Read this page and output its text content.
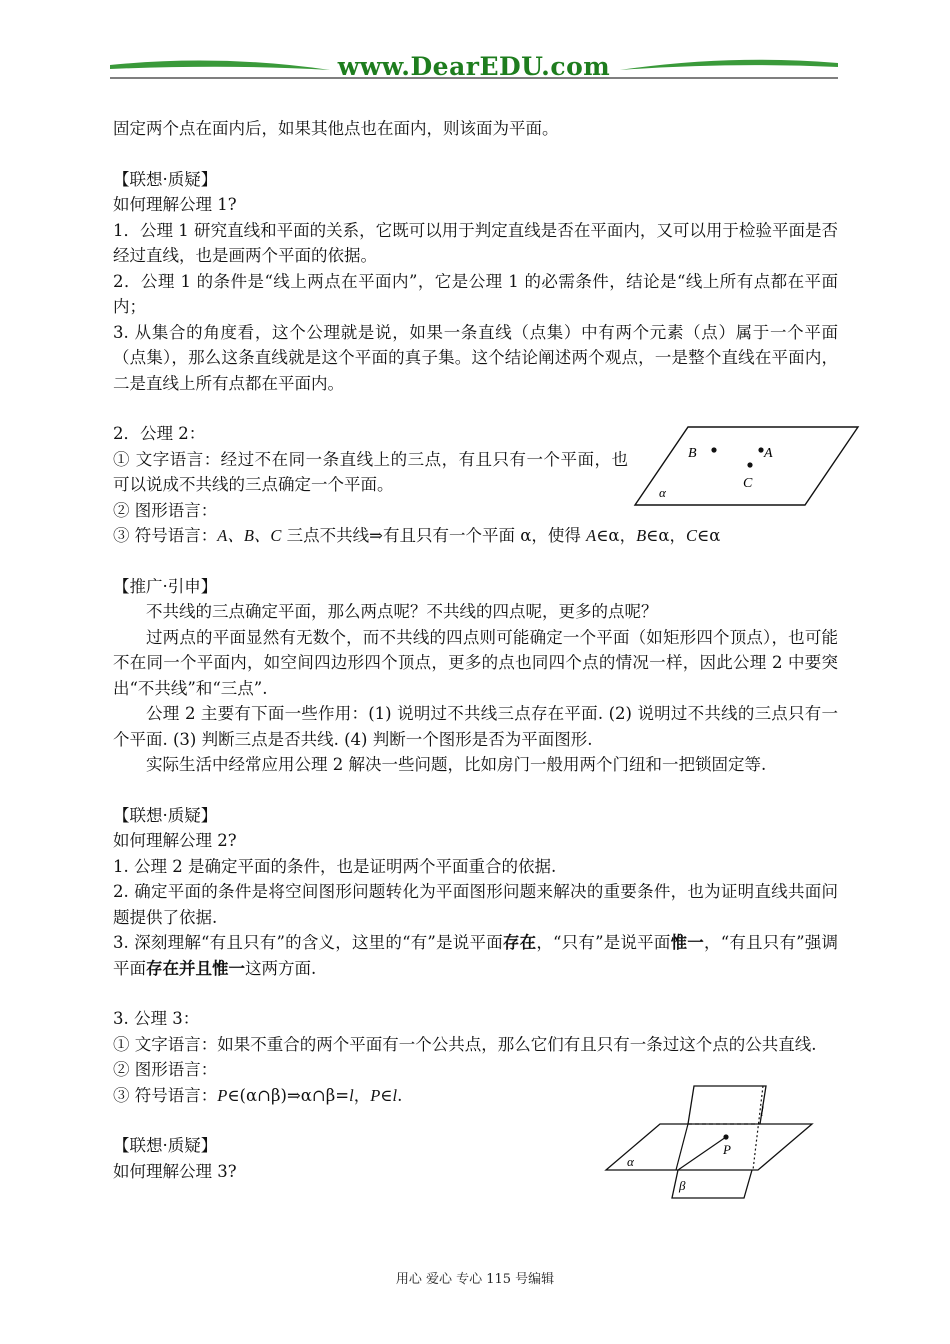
www.DearEDU.com

固定两个点在面内后，如果其他点也在面内，则该面为平面。

【联想·质疑】

如何理解公理 1?

1．公理 1 研究直线和平面的关系，它既可以用于判定直线是否在平面内，又可以用于检验平面是否经过直线，也是画两个平面的依据。

2．公理 1 的条件是“线上两点在平面内”，它是公理 1 的必需条件，结论是“线上所有点都在平面内；

3. 从集合的角度看，这个公理就是说，如果一条直线（点集）中有两个元素（点）属于一个平面（点集），那么这条直线就是这个平面的真子集。这个结论阐述两个观点，一是整个直线在平面内，二是直线上所有点都在平面内。

2．公理 2：

① 文字语言：经过不在同一条直线上的三点，有且只有一个平面，也可以说成不共线的三点确定一个平面。

② 图形语言：

③ 符号语言：A、B、C 三点不共线⇒有且只有一个平面 α，使得 A∈α，B∈α，C∈α

【推广·引申】

不共线的三点确定平面，那么两点呢？不共线的四点呢，更多的点呢？

过两点的平面显然有无数个，而不共线的四点则可能确定一个平面（如矩形四个顶点），也可能不在同一个平面内，如空间四边形四个顶点，更多的点也同四个点的情况一样，因此公理 2 中要突出“不共线”和“三点”.

公理 2 主要有下面一些作用：(1) 说明过不共线三点存在平面. (2) 说明过不共线的三点只有一个平面. (3) 判断三点是否共线. (4) 判断一个图形是否为平面图形.

实际生活中经常应用公理 2 解决一些问题，比如房门一般用两个门纽和一把锁固定等.

【联想·质疑】

如何理解公理 2?

1. 公理 2 是确定平面的条件，也是证明两个平面重合的依据.

2. 确定平面的条件是将空间图形问题转化为平面图形问题来解决的重要条件，也为证明直线共面问题提供了依据.

3. 深刻理解“有且只有”的含义，这里的“有”是说平面存在，“只有”是说平面惟一，“有且只有”强调平面存在并且惟一这两方面.

3. 公理 3：

① 文字语言：如果不重合的两个平面有一个公共点，那么它们有且只有一条过这个点的公共直线.

② 图形语言：

③ 符号语言：P∈(α∩β)⇒α∩β=l，P∈l.

【联想·质疑】

如何理解公理 3?

B	A
C
α
l
P
α
β
用心 爱心 专心 115 号编辑
